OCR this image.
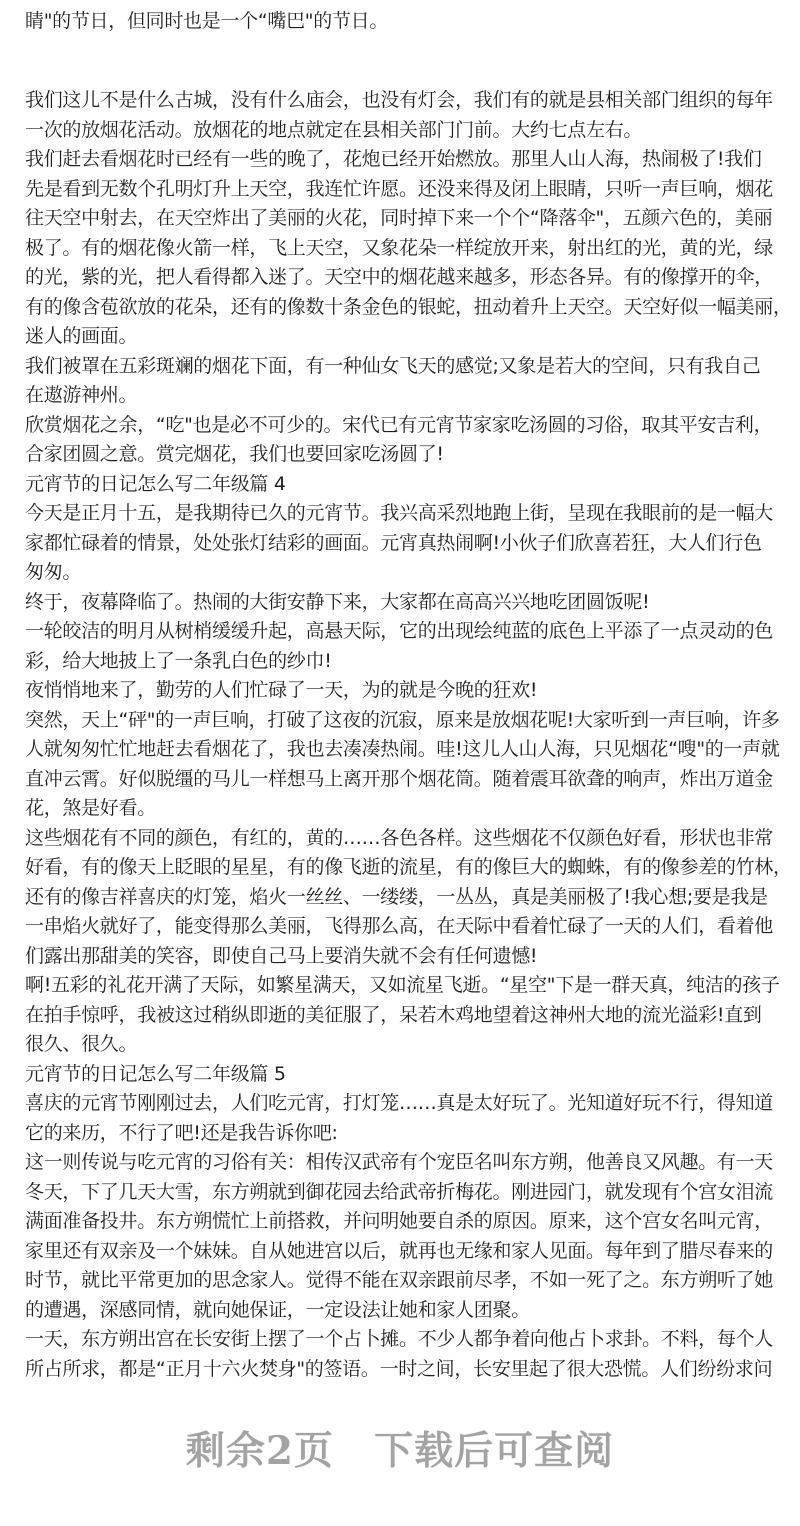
睛"的节日，但同时也是一个“嘴巴"的节日。
我们这儿不是什么古城，没有什么庙会，也没有灯会，我们有的就是县相关部门组织的每年
一次的放烟花活动。放烟花的地点就定在县相关部门门前。大约七点左右。
我们赶去看烟花时已经有一些的晚了，花炮已经开始燃放。那里人山人海，热闹极了!我们
先是看到无数个孔明灯升上天空，我连忙许愿。还没来得及闭上眼睛，只听一声巨响，烟花
往天空中射去，在天空炸出了美丽的火花，同时掉下来一个个“降落伞"，五颜六色的，美丽
极了。有的烟花像火箭一样，飞上天空，又象花朵一样绽放开来，射出红的光，黄的光，绿
的光，紫的光，把人看得都入迷了。天空中的烟花越来越多，形态各异。有的像撑开的伞，
有的像含苞欲放的花朵，还有的像数十条金色的银蛇，扭动着升上天空。天空好似一幅美丽，
迷人的画面。
我们被罩在五彩斑斓的烟花下面，有一种仙女飞天的感觉;又象是若大的空间，只有我自己
在遨游神州。
欣赏烟花之余，“吃"也是必不可少的。宋代已有元宵节家家吃汤圆的习俗，取其平安吉利，
合家团圆之意。赏完烟花，我们也要回家吃汤圆了!
元宵节的日记怎么写二年级篇 4
今天是正月十五，是我期待已久的元宵节。我兴高采烈地跑上街，呈现在我眼前的是一幅大
家都忙碌着的情景，处处张灯结彩的画面。元宵真热闹啊!小伙子们欣喜若狂，大人们行色
匆匆。
终于，夜幕降临了。热闹的大街安静下来，大家都在高高兴兴地吃团圆饭呢!
一轮皎洁的明月从树梢缓缓升起，高悬天际，它的出现绘纯蓝的底色上平添了一点灵动的色
彩，给大地披上了一条乳白色的纱巾!
夜悄悄地来了，勤劳的人们忙碌了一天，为的就是今晚的狂欢!
突然，天上“砰"的一声巨响，打破了这夜的沉寂，原来是放烟花呢!大家听到一声巨响，许多
人就匆匆忙忙地赶去看烟花了，我也去凑凑热闹。哇!这儿人山人海，只见烟花“嗖"的一声就
直冲云霄。好似脱缰的马儿一样想马上离开那个烟花筒。随着震耳欲聋的响声，炸出万道金
花，煞是好看。
这些烟花有不同的颜色，有红的，黄的……各色各样。这些烟花不仅颜色好看，形状也非常
好看，有的像天上眨眼的星星，有的像飞逝的流星，有的像巨大的蜘蛛，有的像参差的竹林，
还有的像吉祥喜庆的灯笼，焰火一丝丝、一缕缕，一丛丛，真是美丽极了!我心想;要是我是
一串焰火就好了，能变得那么美丽，飞得那么高，在天际中看着忙碌了一天的人们，看着他
们露出那甜美的笑容，即使自己马上要消失就不会有任何遗憾!
啊!五彩的礼花开满了天际，如繁星满天，又如流星飞逝。“星空"下是一群天真，纯洁的孩子
在拍手惊呼，我被这过稍纵即逝的美征服了，呆若木鸡地望着这神州大地的流光溢彩!直到
很久、很久。
元宵节的日记怎么写二年级篇 5
喜庆的元宵节刚刚过去，人们吃元宵，打灯笼……真是太好玩了。光知道好玩不行，得知道
它的来历，不行了吧!还是我告诉你吧:
这一则传说与吃元宵的习俗有关：相传汉武帝有个宠臣名叫东方朔，他善良又风趣。有一天
冬天，下了几天大雪，东方朔就到御花园去给武帝折梅花。刚进园门，就发现有个宫女泪流
满面准备投井。东方朔慌忙上前搭救，并问明她要自杀的原因。原来，这个宫女名叫元宵，
家里还有双亲及一个妹妹。自从她进宫以后，就再也无缘和家人见面。每年到了腊尽春来的
时节，就比平常更加的思念家人。觉得不能在双亲跟前尽孝，不如一死了之。东方朔听了她
的遭遇，深感同情，就向她保证，一定设法让她和家人团聚。
一天，东方朔出宫在长安街上摆了一个占卜摊。不少人都争着向他占卜求卦。不料，每个人
所占所求，都是“正月十六火焚身"的签语。一时之间，长安里起了很大恐慌。人们纷纷求问
剩余2页 下载后可查阅
